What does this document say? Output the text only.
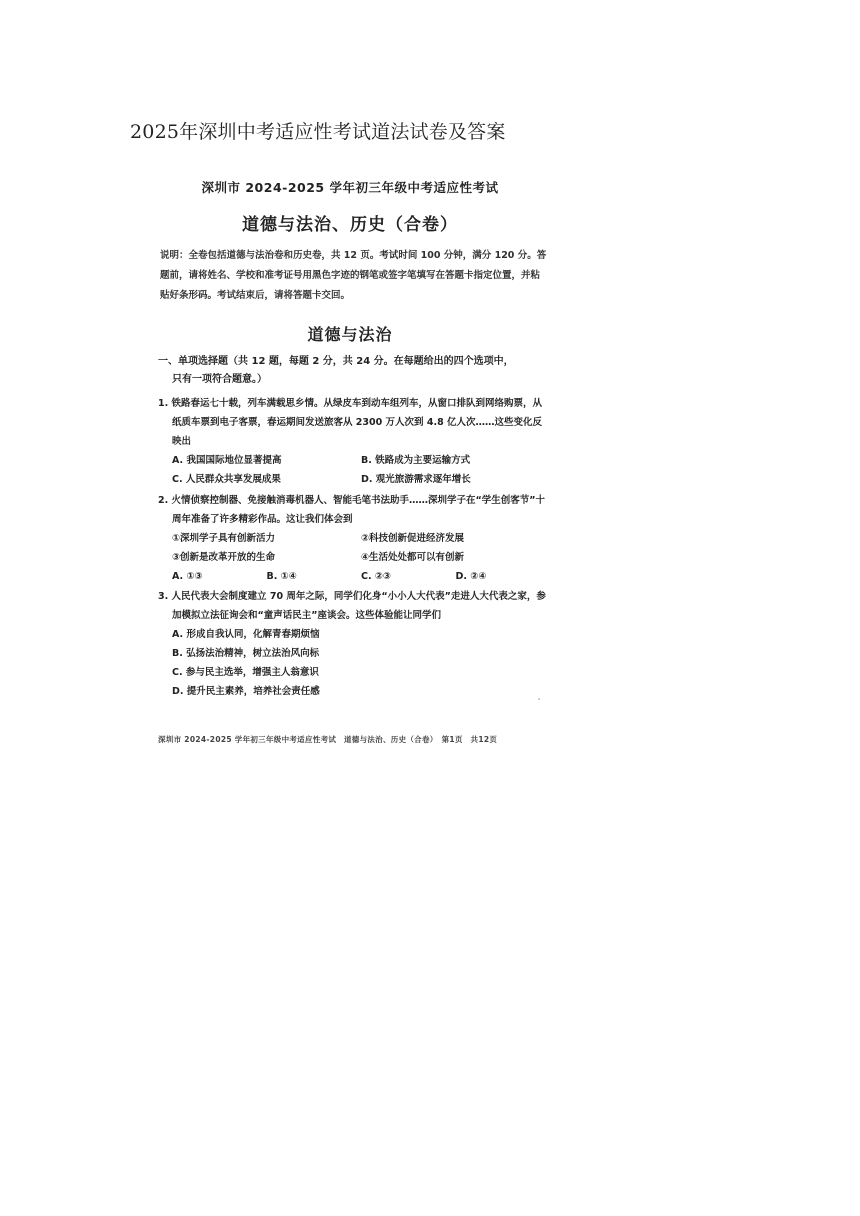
2025年深圳中考适应性考试道法试卷及答案
深圳市 2024-2025 学年初三年级中考适应性考试
道德与法治、历史（合卷）
说明：全卷包括道德与法治卷和历史卷，共 12 页。考试时间 100 分钟，满分 120 分。答题前，请将姓名、学校和准考证号用黑色字迹的钢笔或签字笔填写在答题卡指定位置，并粘贴好条形码。考试结束后，请将答题卡交回。
道德与法治
一、单项选择题（共 12 题，每题 2 分，共 24 分。在每题给出的四个选项中，
只有一项符合题意。）
1. 铁路春运七十载，列车满载思乡情。从绿皮车到动车组列车，从窗口排队到网络购票，从纸质车票到电子客票，春运期间发送旅客从 2300 万人次到 4.8 亿人次……这些变化反映出
A. 我国国际地位显著提高	B. 铁路成为主要运输方式
C. 人民群众共享发展成果	D. 观光旅游需求逐年增长
2. 火情侦察控制器、免接触消毒机器人、智能毛笔书法助手……深圳学子在“学生创客节”十周年准备了许多精彩作品。这让我们体会到
①深圳学子具有创新活力	②科技创新促进经济发展
③创新是改革开放的生命	④生活处处都可以有创新
A. ①③	B. ①④	C. ②③	D. ②④
3. 人民代表大会制度建立 70 周年之际，同学们化身“小小人大代表”走进人大代表之家，参加模拟立法征询会和“童声话民主”座谈会。这些体验能让同学们
A. 形成自我认同，化解青春期烦恼
B. 弘扬法治精神，树立法治风向标
C. 参与民主选举，增强主人翁意识
D. 提升民主素养，培养社会责任感
深圳市 2024-2025 学年初三年级中考适应性考试　道德与法治、历史（合卷）　第1页　共12页
